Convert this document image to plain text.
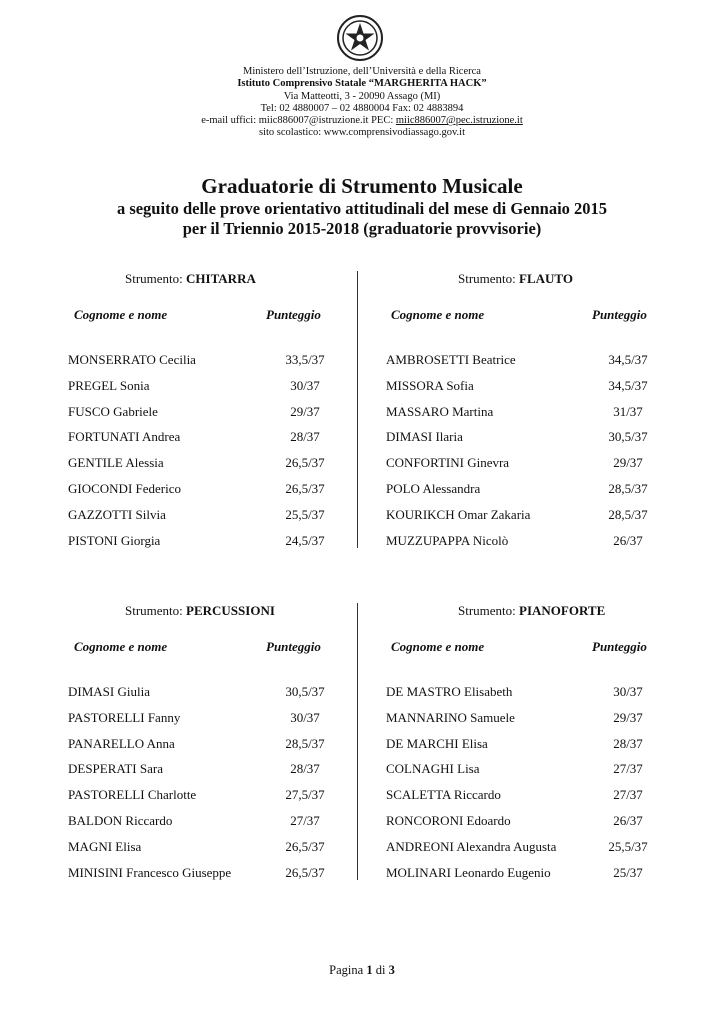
Ministero dell’Istruzione, dell’Università e della Ricerca
Istituto Comprensivo Statale “MARGHERITA HACK”
Via Matteotti, 3 - 20090 Assago (MI)
Tel: 02 4880007 – 02 4880004 Fax: 02 4883894
e-mail uffici: miic886007@istruzione.it PEC: miic886007@pec.istruzione.it
sito scolastico: www.comprensivodiassago.gov.it
Graduatorie di Strumento Musicale
a seguito delle prove orientativo attitudinali del mese di Gennaio 2015
per il Triennio 2015-2018 (graduatorie provvisorie)
Strumento: CHITARRA
Cognome e nome	Punteggio
MONSERRATO Cecilia	33,5/37
PREGEL Sonia	30/37
FUSCO Gabriele	29/37
FORTUNATI Andrea	28/37
GENTILE Alessia	26,5/37
GIOCONDI Federico	26,5/37
GAZZOTTI Silvia	25,5/37
PISTONI Giorgia	24,5/37
Strumento: FLAUTO
Cognome e nome	Punteggio
AMBROSETTI Beatrice	34,5/37
MISSORA Sofia	34,5/37
MASSARO Martina	31/37
DIMASI Ilaria	30,5/37
CONFORTINI Ginevra	29/37
POLO Alessandra	28,5/37
KOURIKCH Omar Zakaria	28,5/37
MUZZUPAPPA Nicolò	26/37
Strumento: PERCUSSIONI
Cognome e nome	Punteggio
DIMASI Giulia	30,5/37
PASTORELLI Fanny	30/37
PANARELLO Anna	28,5/37
DESPERATI Sara	28/37
PASTORELLI Charlotte	27,5/37
BALDON Riccardo	27/37
MAGNI Elisa	26,5/37
MINISINI Francesco Giuseppe	26,5/37
Strumento: PIANOFORTE
Cognome e nome	Punteggio
DE MASTRO Elisabeth	30/37
MANNARINO Samuele	29/37
DE MARCHI Elisa	28/37
COLNAGHI Lisa	27/37
SCALETTA Riccardo	27/37
RONCORONI Edoardo	26/37
ANDREONI Alexandra Augusta	25,5/37
MOLINARI Leonardo Eugenio	25/37
Pagina 1 di 3
